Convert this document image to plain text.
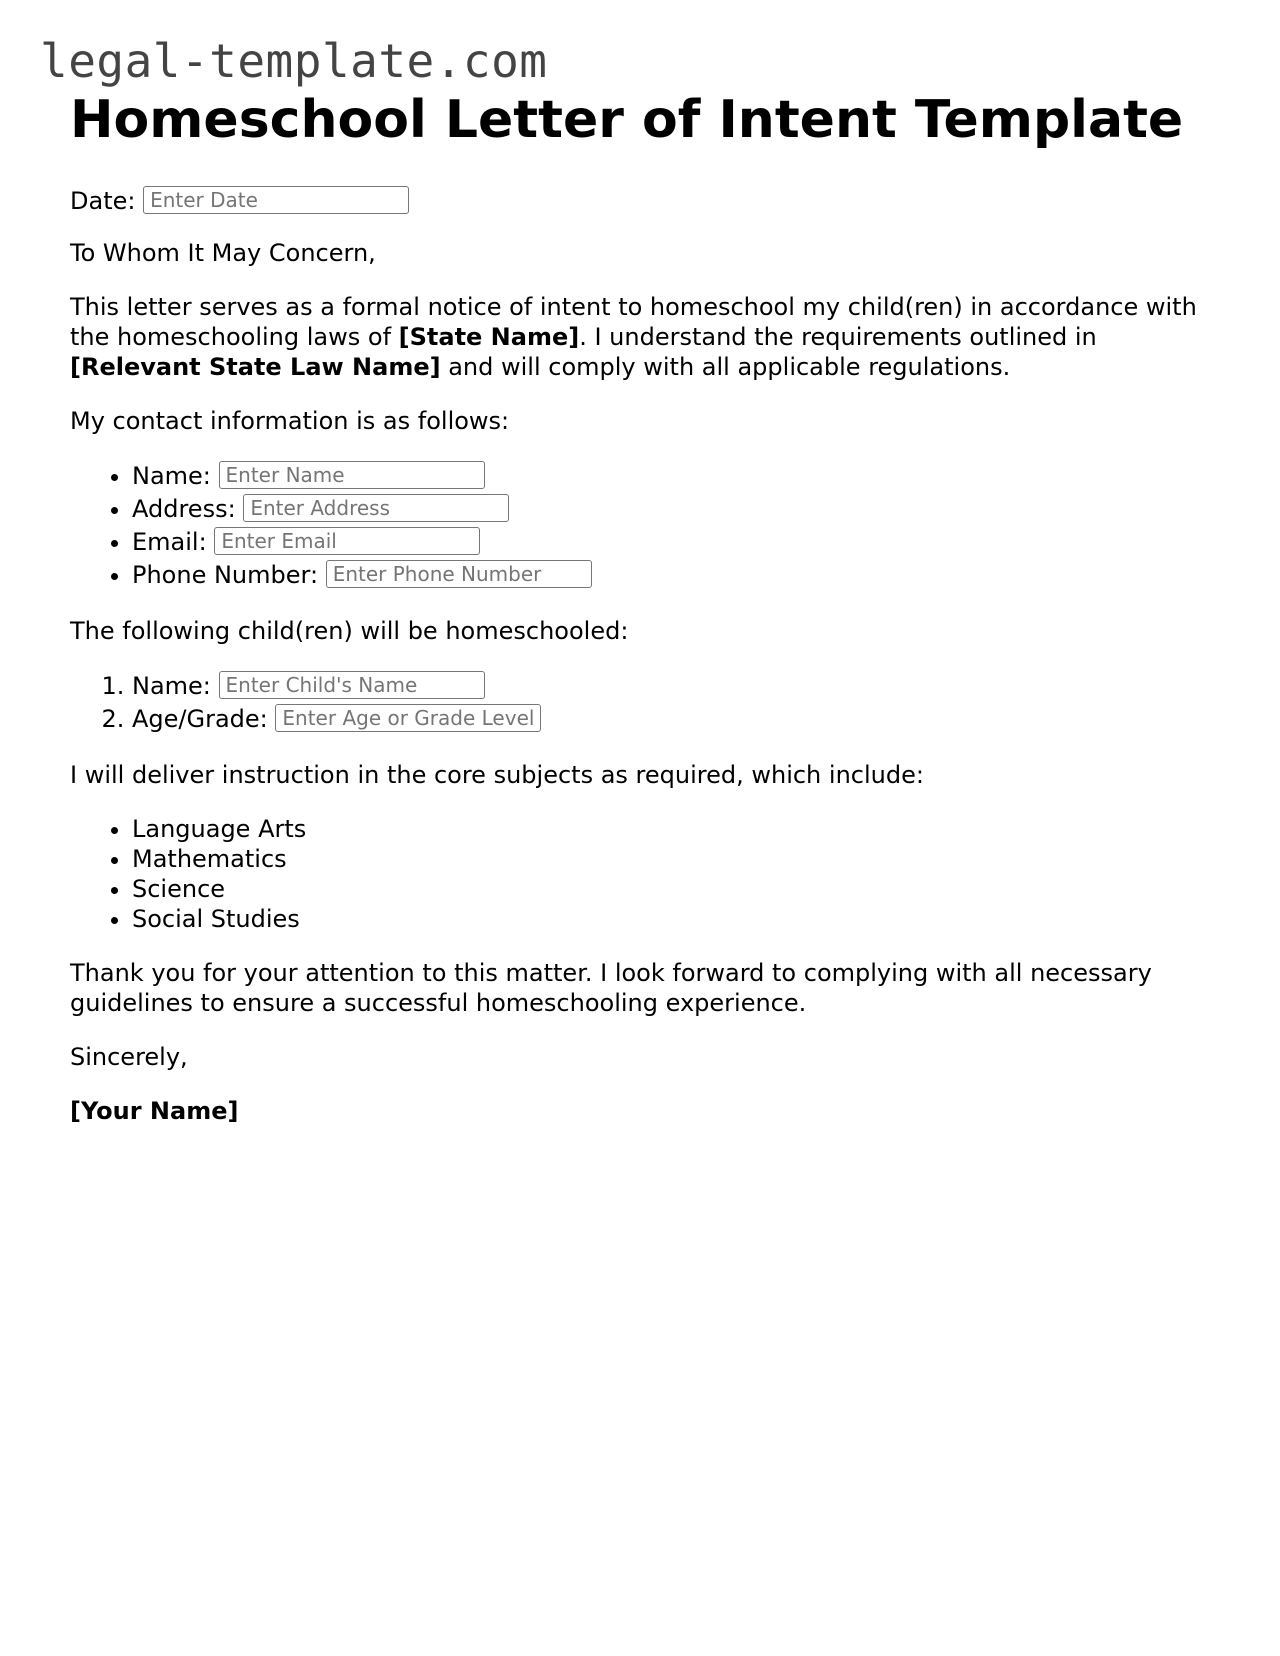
legal-template.com
Homeschool Letter of Intent Template

Date: Enter Date

To Whom It May Concern,

This letter serves as a formal notice of intent to homeschool my child(ren) in accordance with the homeschooling laws of [State Name]. I understand the requirements outlined in [Relevant State Law Name] and will comply with all applicable regulations.

My contact information is as follows:

• Name: Enter Name
• Address: Enter Address
• Email: Enter Email
• Phone Number: Enter Phone Number

The following child(ren) will be homeschooled:

1. Name: Enter Child's Name
2. Age/Grade: Enter Age or Grade Level

I will deliver instruction in the core subjects as required, which include:

• Language Arts
• Mathematics
• Science
• Social Studies

Thank you for your attention to this matter. I look forward to complying with all necessary guidelines to ensure a successful homeschooling experience.

Sincerely,

[Your Name]
